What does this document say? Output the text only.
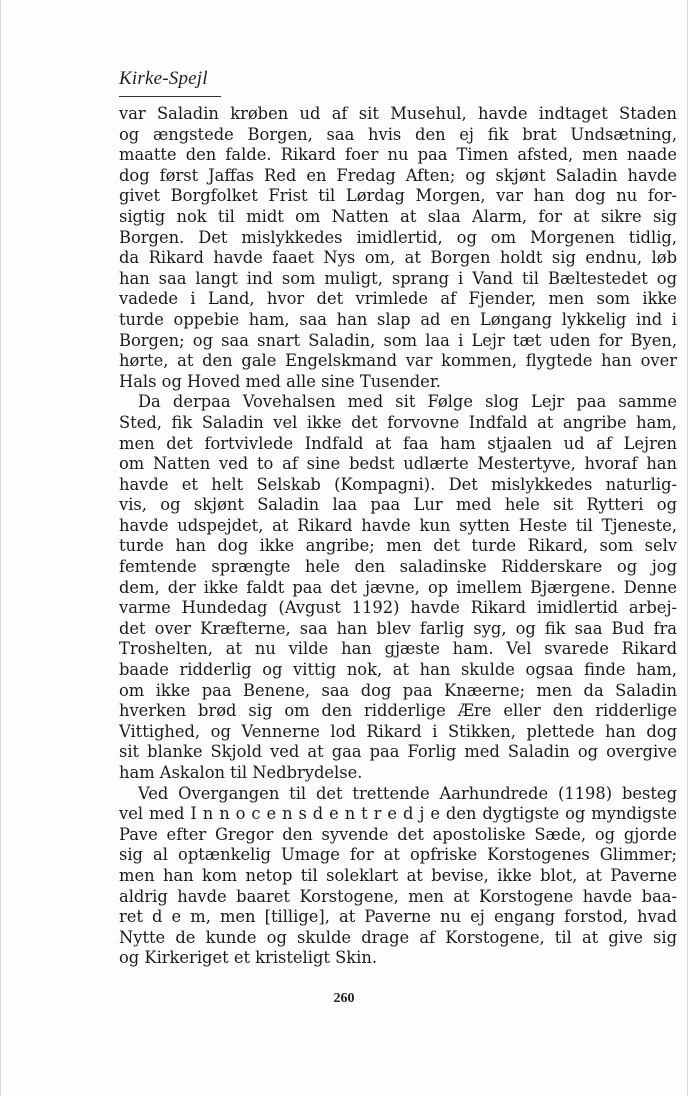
Kirke-Spejl
var Saladin krøben ud af sit Musehul, havde indtaget Staden
og ængstede Borgen, saa hvis den ej fik brat Undsætning,
maatte den falde. Rikard foer nu paa Timen afsted, men naade
dog først Jaffas Red en Fredag Aften; og skjønt Saladin havde
givet Borgfolket Frist til Lørdag Morgen, var han dog nu for-
sigtig nok til midt om Natten at slaa Alarm, for at sikre sig
Borgen. Det mislykkedes imidlertid, og om Morgenen tidlig,
da Rikard havde faaet Nys om, at Borgen holdt sig endnu, løb
han saa langt ind som muligt, sprang i Vand til Bæltestedet og
vadede i Land, hvor det vrimlede af Fjender, men som ikke
turde oppebie ham, saa han slap ad en Løngang lykkelig ind i
Borgen; og saa snart Saladin, som laa i Lejr tæt uden for Byen,
hørte, at den gale Engelskmand var kommen, flygtede han over
Hals og Hoved med alle sine Tusender.
Da derpaa Vovehalsen med sit Følge slog Lejr paa samme
Sted, fik Saladin vel ikke det forvovne Indfald at angribe ham,
men det fortvivlede Indfald at faa ham stjaalen ud af Lejren
om Natten ved to af sine bedst udlærte Mestertyve, hvoraf han
havde et helt Selskab (Kompagni). Det mislykkedes naturlig-
vis, og skjønt Saladin laa paa Lur med hele sit Rytteri og
havde udspejdet, at Rikard havde kun sytten Heste til Tjeneste,
turde han dog ikke angribe; men det turde Rikard, som selv
femtende sprængte hele den saladinske Ridderskare og jog
dem, der ikke faldt paa det jævne, op imellem Bjærgene. Denne
varme Hundedag (Avgust 1192) havde Rikard imidlertid arbej-
det over Kræfterne, saa han blev farlig syg, og fik saa Bud fra
Troshelten, at nu vilde han gjæste ham. Vel svarede Rikard
baade ridderlig og vittig nok, at han skulde ogsaa finde ham,
om ikke paa Benene, saa dog paa Knæerne; men da Saladin
hverken brød sig om den ridderlige Ære eller den ridderlige
Vittighed, og Vennerne lod Rikard i Stikken, plettede han dog
sit blanke Skjold ved at gaa paa Forlig med Saladin og overgive
ham Askalon til Nedbrydelse.
Ved Overgangen til det trettende Aarhundrede (1198) besteg
vel med I n n o c e n s d e n t r e d j e den dygtigste og myndigste
Pave efter Gregor den syvende det apostoliske Sæde, og gjorde
sig al optænkelig Umage for at opfriske Korstogenes Glimmer;
men han kom netop til soleklart at bevise, ikke blot, at Paverne
aldrig havde baaret Korstogene, men at Korstogene havde baa-
ret d e m, men [tillige], at Paverne nu ej engang forstod, hvad
Nytte de kunde og skulde drage af Korstogene, til at give sig
og Kirkeriget et kristeligt Skin.
260
